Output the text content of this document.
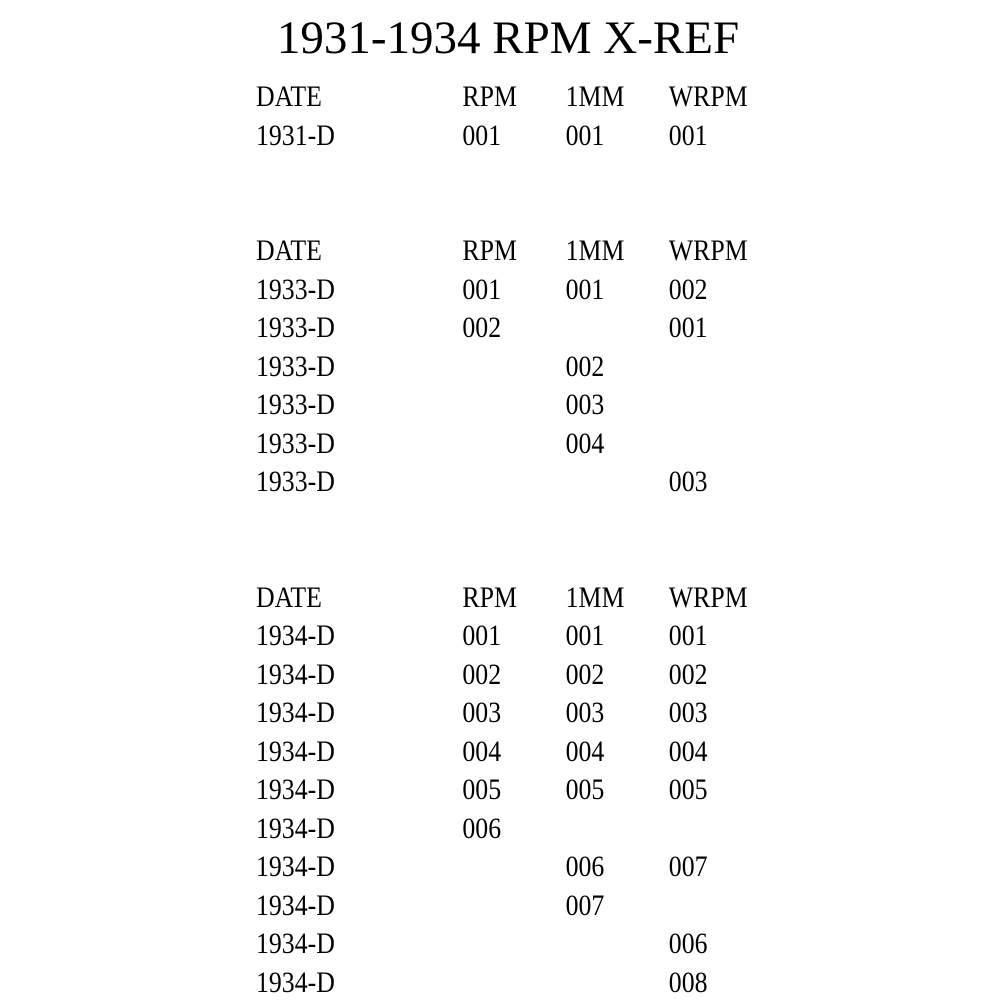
1931-1934 RPM X-REF
DATE	RPM	1MM	WRPM
1931-D	001	001	001
DATE	RPM	1MM	WRPM
1933-D	001	001	002
1933-D	002		001
1933-D		002	
1933-D		003	
1933-D		004	
1933-D			003
DATE	RPM	1MM	WRPM
1934-D	001	001	001
1934-D	002	002	002
1934-D	003	003	003
1934-D	004	004	004
1934-D	005	005	005
1934-D	006		
1934-D		006	007
1934-D		007	
1934-D			006
1934-D			008
